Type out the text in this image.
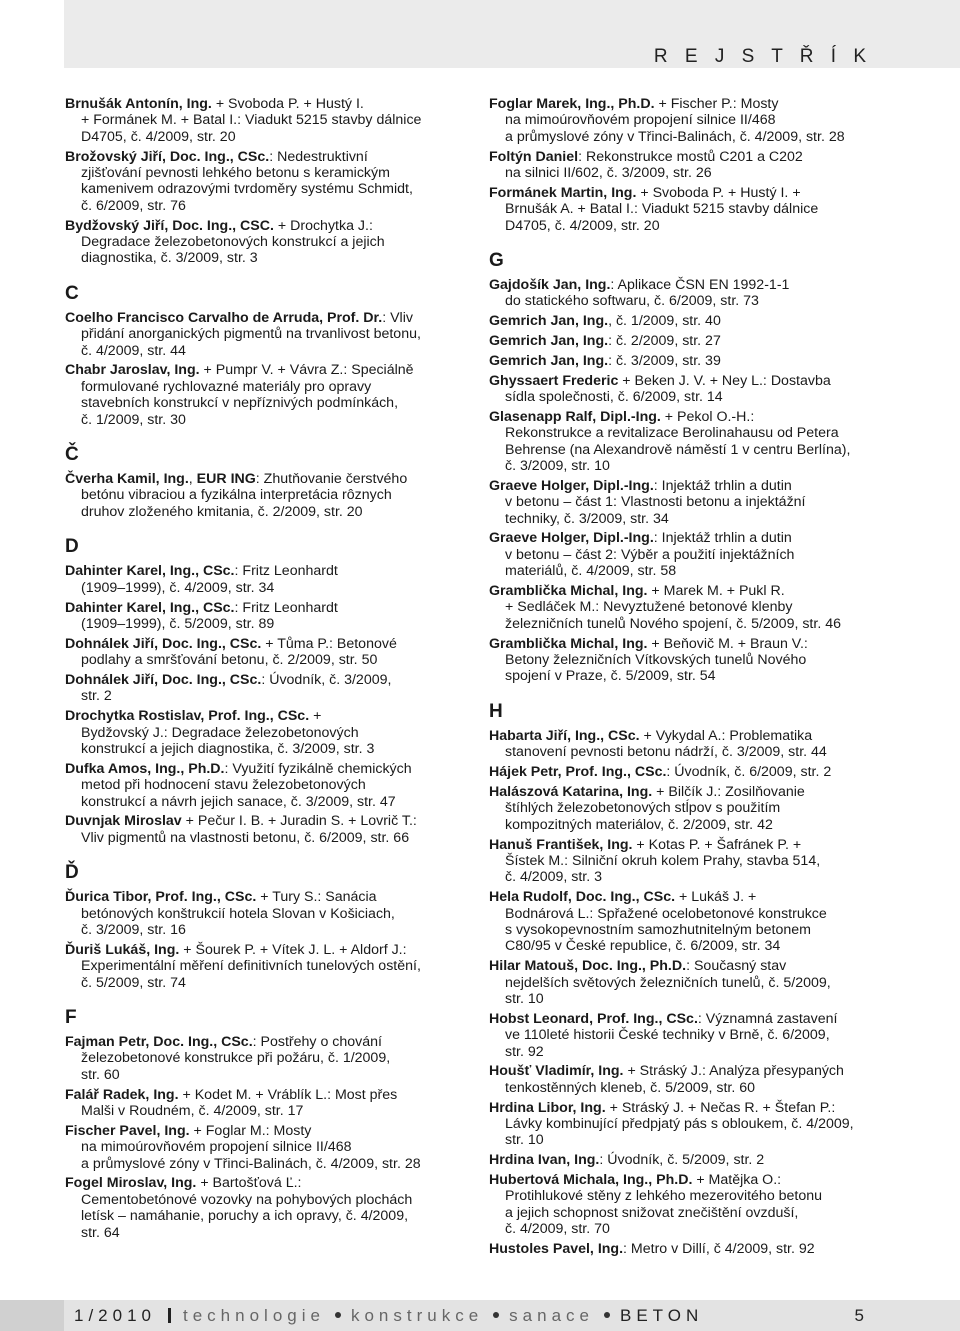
R E J S T Ř Í K

Brnušák Antonín, Ing. + Svoboda P. + Hustý I.

+ Formánek M. + Batal I.: Viadukt 5215 stavby dálnice

D4705, č. 4/2009, str. 20

Brožovský Jiří, Doc. Ing., CSc.: Nedestruktivní

zjišťování pevnosti lehkého betonu s keramickým

kamenivem odrazovými tvrdoměry systému Schmidt,

č. 6/2009, str. 76

Bydžovský Jiří, Doc. Ing., CSC. + Drochytka J.:

Degradace železobetonových konstrukcí a jejich

diagnostika, č. 3/2009, str. 3

C

Coelho Francisco Carvalho de Arruda, Prof. Dr.: Vliv

přidání anorganických pigmentů na trvanlivost betonu,

č. 4/2009, str. 44

Chabr Jaroslav, Ing. + Pumpr V. + Vávra Z.: Speciálně

formulované rychlovazné materiály pro opravy

stavebních konstrukcí v nepříznivých podmínkách,

č. 1/2009, str. 30

Č

Čverha Kamil, Ing., EUR ING: Zhutňovanie čerstvého

betónu vibraciou a fyzikálna interpretácia rôznych

druhov zloženého kmitania, č. 2/2009, str. 20

D

Dahinter Karel, Ing., CSc.: Fritz Leonhardt

(1909–1999), č. 4/2009, str. 34

Dahinter Karel, Ing., CSc.: Fritz Leonhardt

(1909–1999), č. 5/2009, str. 89

Dohnálek Jiří, Doc. Ing., CSc. + Tůma P.: Betonové

podlahy a smršťování betonu, č. 2/2009, str. 50

Dohnálek Jiří, Doc. Ing., CSc.: Úvodník, č. 3/2009,

str. 2

Drochytka Rostislav, Prof. Ing., CSc. +

Bydžovský J.: Degradace železobetonových

konstrukcí a jejich diagnostika, č. 3/2009, str. 3

Dufka Amos, Ing., Ph.D.: Využití fyzikálně chemických

metod při hodnocení stavu železobetonových

konstrukcí a návrh jejich sanace, č. 3/2009, str. 47

Duvnjak Miroslav + Pečur I. B. + Juradin S. + Lovrič T.:

Vliv pigmentů na vlastnosti betonu, č. 6/2009, str. 66

Ď

Ďurica Tibor, Prof. Ing., CSc. + Tury S.: Sanácia

betónových konštrukcií hotela Slovan v Košiciach,

č. 3/2009, str. 16

Ďuriš Lukáš, Ing. + Šourek P. + Vítek J. L. + Aldorf J.:

Experimentální měření definitivních tunelových ostění,

č. 5/2009, str. 74

F

Fajman Petr, Doc. Ing., CSc.: Postřehy o chování

železobetonové konstrukce při požáru, č. 1/2009,

str. 60

Falář Radek, Ing. + Kodet M. + Vráblík L.: Most přes

Malši v Roudném, č. 4/2009, str. 17

Fischer Pavel, Ing. + Foglar M.: Mosty

na mimoúrovňovém propojení silnice II/468

a průmyslové zóny v Třinci-Balinách, č. 4/2009, str. 28

Fogel Miroslav, Ing. + Bartošťová Ľ.:

Cementobetónové vozovky na pohybových plochách

letísk – namáhanie, poruchy a ich opravy, č. 4/2009,

str. 64

Foglar Marek, Ing., Ph.D. + Fischer P.: Mosty

na mimoúrovňovém propojení silnice II/468

a průmyslové zóny v Třinci-Balinách, č. 4/2009, str. 28

Foltýn Daniel: Rekonstrukce mostů C201 a C202

na silnici II/602, č. 3/2009, str. 26

Formánek Martin, Ing. + Svoboda P. + Hustý I. +

Brnušák A. + Batal I.: Viadukt 5215 stavby dálnice

D4705, č. 4/2009, str. 20

G

Gajdošík Jan, Ing.: Aplikace ČSN EN 1992-1-1

do statického softwaru, č. 6/2009, str. 73

Gemrich Jan, Ing., č. 1/2009, str. 40

Gemrich Jan, Ing.: č. 2/2009, str. 27

Gemrich Jan, Ing.: č. 3/2009, str. 39

Ghyssaert Frederic + Beken J. V. + Ney L.: Dostavba

sídla společnosti, č. 6/2009, str. 14

Glasenapp Ralf, Dipl.-Ing. + Pekol O.-H.:

Rekonstrukce a revitalizace Berolinahausu od Petera

Behrense (na Alexandrově náměstí 1 v centru Berlína),

č. 3/2009, str. 10

Graeve Holger, Dipl.-Ing.: Injektáž trhlin a dutin

v betonu – část 1: Vlastnosti betonu a injektážní

techniky, č. 3/2009, str. 34

Graeve Holger, Dipl.-Ing.: Injektáž trhlin a dutin

v betonu – část 2: Výběr a použití injektážních

materiálů, č. 4/2009, str. 58

Gramblička Michal, Ing. + Marek M. + Pukl R.

+ Sedláček M.: Nevyztužené betonové klenby

železničních tunelů Nového spojení, č. 5/2009, str. 46

Gramblička Michal, Ing. + Beňovič M. + Braun V.:

Betony železničních Vítkovských tunelů Nového

spojení v Praze, č. 5/2009, str. 54

H

Habarta Jiří, Ing., CSc. + Vykydal A.: Problematika

stanovení pevnosti betonu nádrží, č. 3/2009, str. 44

Hájek Petr, Prof. Ing., CSc.: Úvodník, č. 6/2009, str. 2

Halászová Katarina, Ing. + Bilčík J.: Zosilňovanie

štíhlých železobetonových stĺpov s použitím

kompozitných materiálov, č. 2/2009, str. 42

Hanuš František, Ing. + Kotas P. + Šafránek P. +

Šístek M.: Silniční okruh kolem Prahy, stavba 514,

č. 4/2009, str. 3

Hela Rudolf, Doc. Ing., CSc. + Lukáš J. +

Bodnárová L.: Spřažené ocelobetonové konstrukce

s vysokopevnostním samozhutnitelným betonem

C80/95 v České republice, č. 6/2009, str. 34

Hilar Matouš, Doc. Ing., Ph.D.: Současný stav

nejdelších světových železničních tunelů, č. 5/2009,

str. 10

Hobst Leonard, Prof. Ing., CSc.: Významná zastavení

ve 110leté historii České techniky v Brně, č. 6/2009,

str. 92

Houšť Vladimír, Ing. + Stráský J.: Analýza přesypaných

tenkostěnných kleneb, č. 5/2009, str. 60

Hrdina Libor, Ing. + Stráský J. + Nečas R. + Štefan P.:

Lávky kombinující předpjatý pás s obloukem, č. 4/2009,

str. 10

Hrdina Ivan, Ing.: Úvodník, č. 5/2009, str. 2

Hubertová Michala, Ing., Ph.D. + Matějka O.:

Protihlukové stěny z lehkého mezerovitého betonu

a jejich schopnost snižovat znečištění ovzduší,

č. 4/2009, str. 70

Hustoles Pavel, Ing.: Metro v Dillí, č 4/2009, str. 92

1/2010 technologie konstrukce sanace BETON	5
